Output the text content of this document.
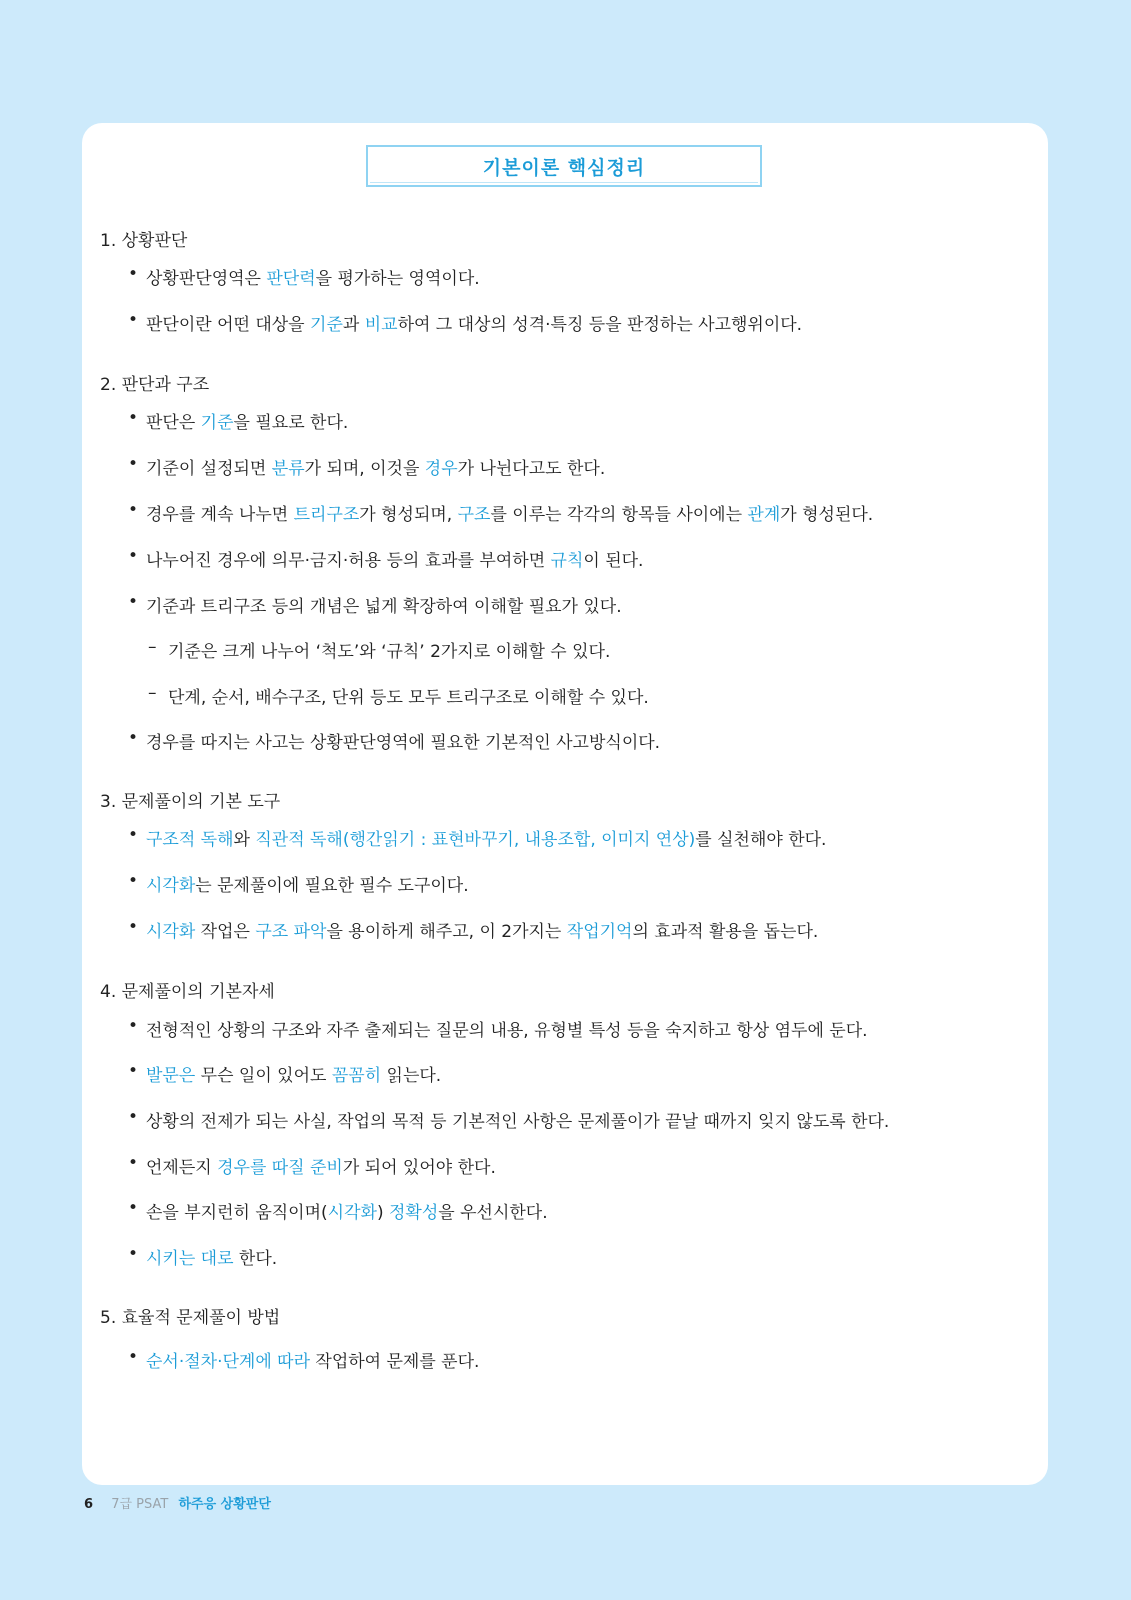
기본이론 핵심정리
1. 상황판단
• 상황판단영역은 판단력을 평가하는 영역이다.
• 판단이란 어떤 대상을 기준과 비교하여 그 대상의 성격·특징 등을 판정하는 사고행위이다.
2. 판단과 구조
• 판단은 기준을 필요로 한다.
• 기준이 설정되면 분류가 되며, 이것을 경우가 나뉜다고도 한다.
• 경우를 계속 나누면 트리구조가 형성되며, 구조를 이루는 각각의 항목들 사이에는 관계가 형성된다.
• 나누어진 경우에 의무·금지·허용 등의 효과를 부여하면 규칙이 된다.
• 기준과 트리구조 등의 개념은 넓게 확장하여 이해할 필요가 있다.
– 기준은 크게 나누어 ‘척도’와 ‘규칙’ 2가지로 이해할 수 있다.
– 단계, 순서, 배수구조, 단위 등도 모두 트리구조로 이해할 수 있다.
• 경우를 따지는 사고는 상황판단영역에 필요한 기본적인 사고방식이다.
3. 문제풀이의 기본 도구
• 구조적 독해와 직관적 독해(행간읽기 : 표현바꾸기, 내용조합, 이미지 연상)를 실천해야 한다.
• 시각화는 문제풀이에 필요한 필수 도구이다.
• 시각화 작업은 구조 파악을 용이하게 해주고, 이 2가지는 작업기억의 효과적 활용을 돕는다.
4. 문제풀이의 기본자세
• 전형적인 상황의 구조와 자주 출제되는 질문의 내용, 유형별 특성 등을 숙지하고 항상 염두에 둔다.
• 발문은 무슨 일이 있어도 꼼꼼히 읽는다.
• 상황의 전제가 되는 사실, 작업의 목적 등 기본적인 사항은 문제풀이가 끝날 때까지 잊지 않도록 한다.
• 언제든지 경우를 따질 준비가 되어 있어야 한다.
• 손을 부지런히 움직이며(시각화) 정확성을 우선시한다.
• 시키는 대로 한다.
5. 효율적 문제풀이 방법
• 순서·절차·단계에 따라 작업하여 문제를 푼다.
6 7급 PSAT 하주응 상황판단
